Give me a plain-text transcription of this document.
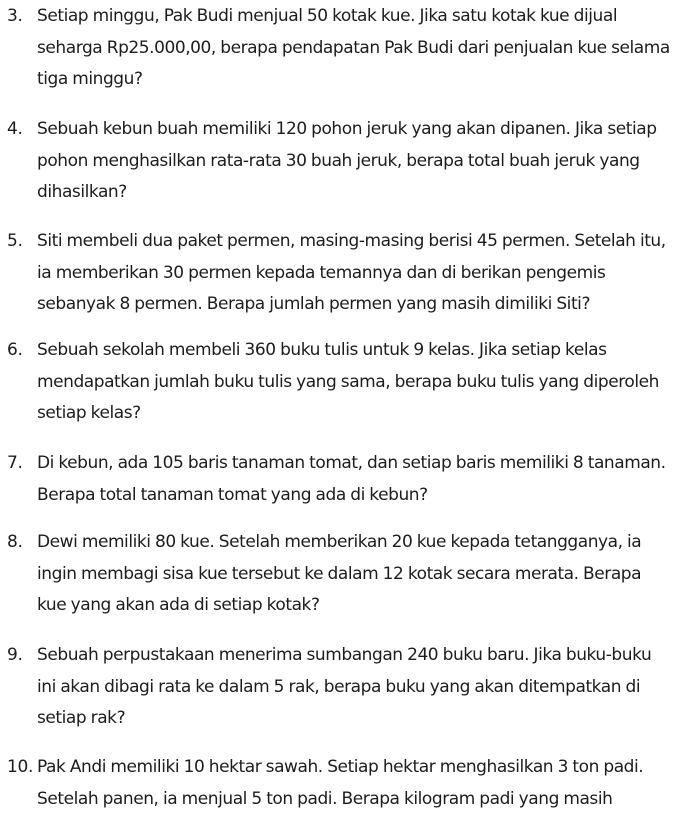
3. Setiap minggu, Pak Budi menjual 50 kotak kue. Jika satu kotak kue dijual
seharga Rp25.000,00, berapa pendapatan Pak Budi dari penjualan kue selama
tiga minggu?
4. Sebuah kebun buah memiliki 120 pohon jeruk yang akan dipanen. Jika setiap
pohon menghasilkan rata-rata 30 buah jeruk, berapa total buah jeruk yang
dihasilkan?
5. Siti membeli dua paket permen, masing-masing berisi 45 permen. Setelah itu,
ia memberikan 30 permen kepada temannya dan di berikan pengemis
sebanyak 8 permen. Berapa jumlah permen yang masih dimiliki Siti?
6. Sebuah sekolah membeli 360 buku tulis untuk 9 kelas. Jika setiap kelas
mendapatkan jumlah buku tulis yang sama, berapa buku tulis yang diperoleh
setiap kelas?
7. Di kebun, ada 105 baris tanaman tomat, dan setiap baris memiliki 8 tanaman.
Berapa total tanaman tomat yang ada di kebun?
8. Dewi memiliki 80 kue. Setelah memberikan 20 kue kepada tetangganya, ia
ingin membagi sisa kue tersebut ke dalam 12 kotak secara merata. Berapa
kue yang akan ada di setiap kotak?
9. Sebuah perpustakaan menerima sumbangan 240 buku baru. Jika buku-buku
ini akan dibagi rata ke dalam 5 rak, berapa buku yang akan ditempatkan di
setiap rak?
10. Pak Andi memiliki 10 hektar sawah. Setiap hektar menghasilkan 3 ton padi.
Setelah panen, ia menjual 5 ton padi. Berapa kilogram padi yang masih
